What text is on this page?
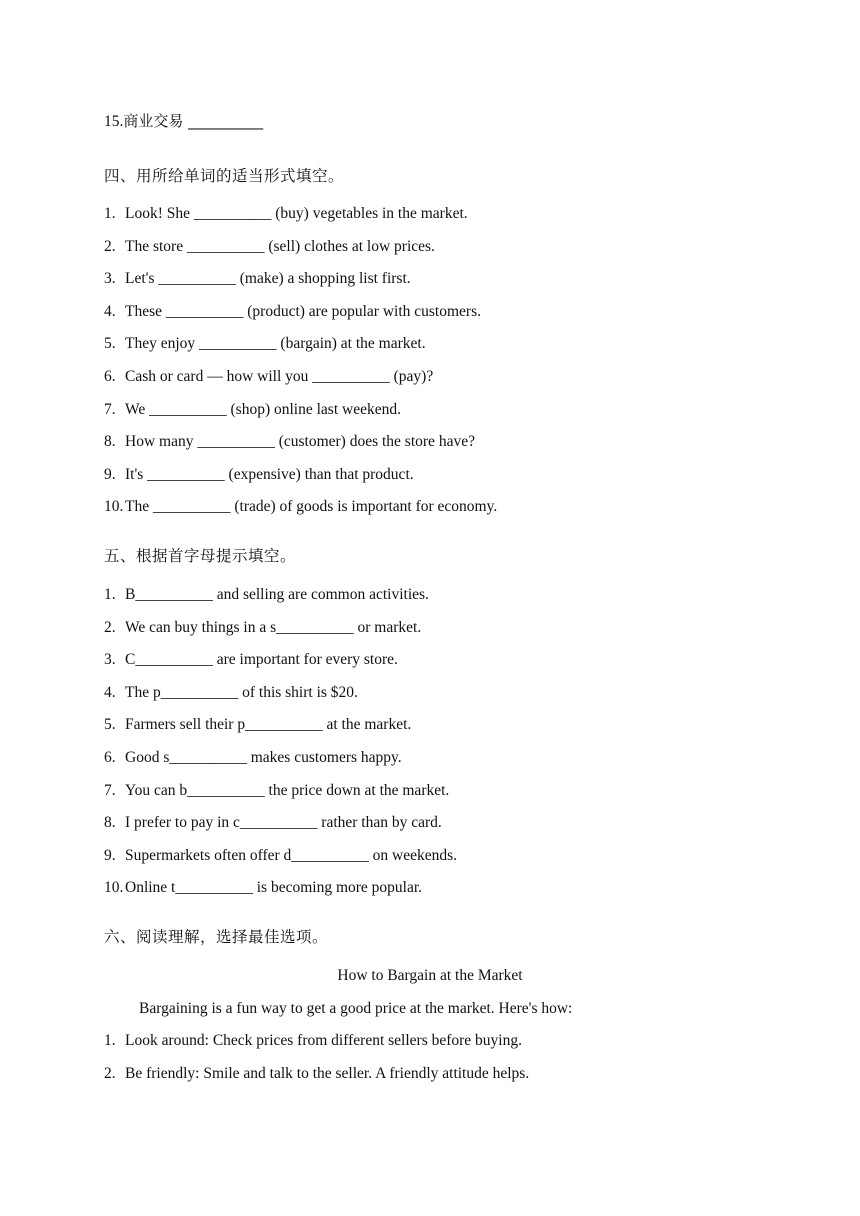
15.商业交易 __________
四、用所给单词的适当形式填空。
1. Look! She __________ (buy) vegetables in the market.
2. The store __________ (sell) clothes at low prices.
3. Let's __________ (make) a shopping list first.
4. These __________ (product) are popular with customers.
5. They enjoy __________ (bargain) at the market.
6. Cash or card — how will you __________ (pay)?
7. We __________ (shop) online last weekend.
8. How many __________ (customer) does the store have?
9. It's __________ (expensive) than that product.
10. The __________ (trade) of goods is important for economy.
五、根据首字母提示填空。
1. B__________ and selling are common activities.
2. We can buy things in a s__________ or market.
3. C__________ are important for every store.
4. The p__________ of this shirt is $20.
5. Farmers sell their p__________ at the market.
6. Good s__________ makes customers happy.
7. You can b__________ the price down at the market.
8. I prefer to pay in c__________ rather than by card.
9. Supermarkets often offer d__________ on weekends.
10. Online t__________ is becoming more popular.
六、阅读理解，选择最佳选项。
How to Bargain at the Market
Bargaining is a fun way to get a good price at the market. Here's how:
1. Look around: Check prices from different sellers before buying.
2. Be friendly: Smile and talk to the seller. A friendly attitude helps.
